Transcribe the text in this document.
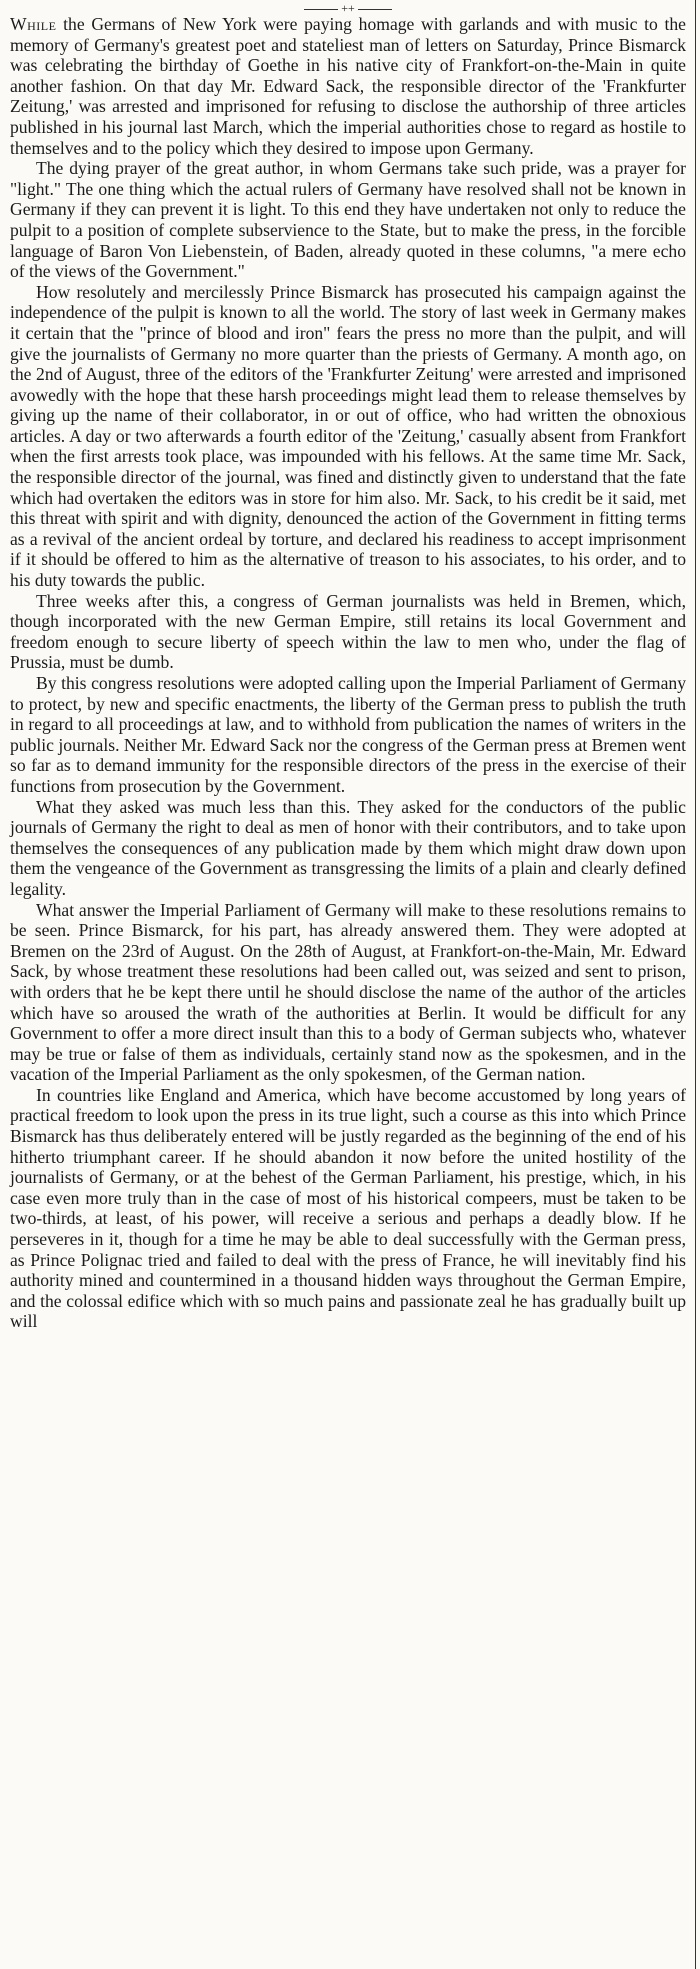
++

While the Germans of New York were paying homage with garlands and with music to the memory of Germany's greatest poet and stateliest man of letters on Saturday, Prince Bismarck was celebrating the birthday of Goethe in his native city of Frankfort-on-the-Main in quite another fashion. On that day Mr. Edward Sack, the responsible director of the 'Frankfurter Zeitung,' was arrested and imprisoned for refusing to disclose the authorship of three articles published in his journal last March, which the imperial authorities chose to regard as hostile to themselves and to the policy which they desired to impose upon Germany.

The dying prayer of the great author, in whom Germans take such pride, was a prayer for "light." The one thing which the actual rulers of Germany have resolved shall not be known in Germany if they can prevent it is light. To this end they have undertaken not only to reduce the pulpit to a position of complete subservience to the State, but to make the press, in the forcible language of Baron Von Liebenstein, of Baden, already quoted in these columns, "a mere echo of the views of the Government."

How resolutely and mercilessly Prince Bismarck has prosecuted his campaign against the independence of the pulpit is known to all the world. The story of last week in Germany makes it certain that the "prince of blood and iron" fears the press no more than the pulpit, and will give the journalists of Germany no more quarter than the priests of Germany. A month ago, on the 2nd of August, three of the editors of the 'Frankfurter Zeitung' were arrested and imprisoned avowedly with the hope that these harsh proceedings might lead them to release themselves by giving up the name of their collaborator, in or out of office, who had written the obnoxious articles. A day or two afterwards a fourth editor of the 'Zeitung,' casually absent from Frankfort when the first arrests took place, was impounded with his fellows. At the same time Mr. Sack, the responsible director of the journal, was fined and distinctly given to understand that the fate which had overtaken the editors was in store for him also. Mr. Sack, to his credit be it said, met this threat with spirit and with dignity, denounced the action of the Government in fitting terms as a revival of the ancient ordeal by torture, and declared his readiness to accept imprisonment if it should be offered to him as the alternative of treason to his associates, to his order, and to his duty towards the public.

Three weeks after this, a congress of German journalists was held in Bremen, which, though incorporated with the new German Empire, still retains its local Government and freedom enough to secure liberty of speech within the law to men who, under the flag of Prussia, must be dumb.

By this congress resolutions were adopted calling upon the Imperial Parliament of Germany to protect, by new and specific enactments, the liberty of the German press to publish the truth in regard to all proceedings at law, and to withhold from publication the names of writers in the public journals. Neither Mr. Edward Sack nor the congress of the German press at Bremen went so far as to demand immunity for the responsible directors of the press in the exercise of their functions from prosecution by the Government.

What they asked was much less than this. They asked for the conductors of the public journals of Germany the right to deal as men of honor with their contributors, and to take upon themselves the consequences of any publication made by them which might draw down upon them the vengeance of the Government as transgressing the limits of a plain and clearly defined legality.

What answer the Imperial Parliament of Germany will make to these resolutions remains to be seen. Prince Bismarck, for his part, has already answered them. They were adopted at Bremen on the 23rd of August. On the 28th of August, at Frankfort-on-the-Main, Mr. Edward Sack, by whose treatment these resolutions had been called out, was seized and sent to prison, with orders that he be kept there until he should disclose the name of the author of the articles which have so aroused the wrath of the authorities at Berlin. It would be difficult for any Government to offer a more direct insult than this to a body of German subjects who, whatever may be true or false of them as individuals, certainly stand now as the spokesmen, and in the vacation of the Imperial Parliament as the only spokesmen, of the German nation.

In countries like England and America, which have become accustomed by long years of practical freedom to look upon the press in its true light, such a course as this into which Prince Bismarck has thus deliberately entered will be justly regarded as the beginning of the end of his hitherto triumphant career. If he should abandon it now before the united hostility of the journalists of Germany, or at the behest of the German Parliament, his prestige, which, in his case even more truly than in the case of most of his historical compeers, must be taken to be two-thirds, at least, of his power, will receive a serious and perhaps a deadly blow. If he perseveres in it, though for a time he may be able to deal successfully with the German press, as Prince Polignac tried and failed to deal with the press of France, he will inevitably find his authority mined and countermined in a thousand hidden ways throughout the German Empire, and the colossal edifice which with so much pains and passionate zeal he has gradually built up will
